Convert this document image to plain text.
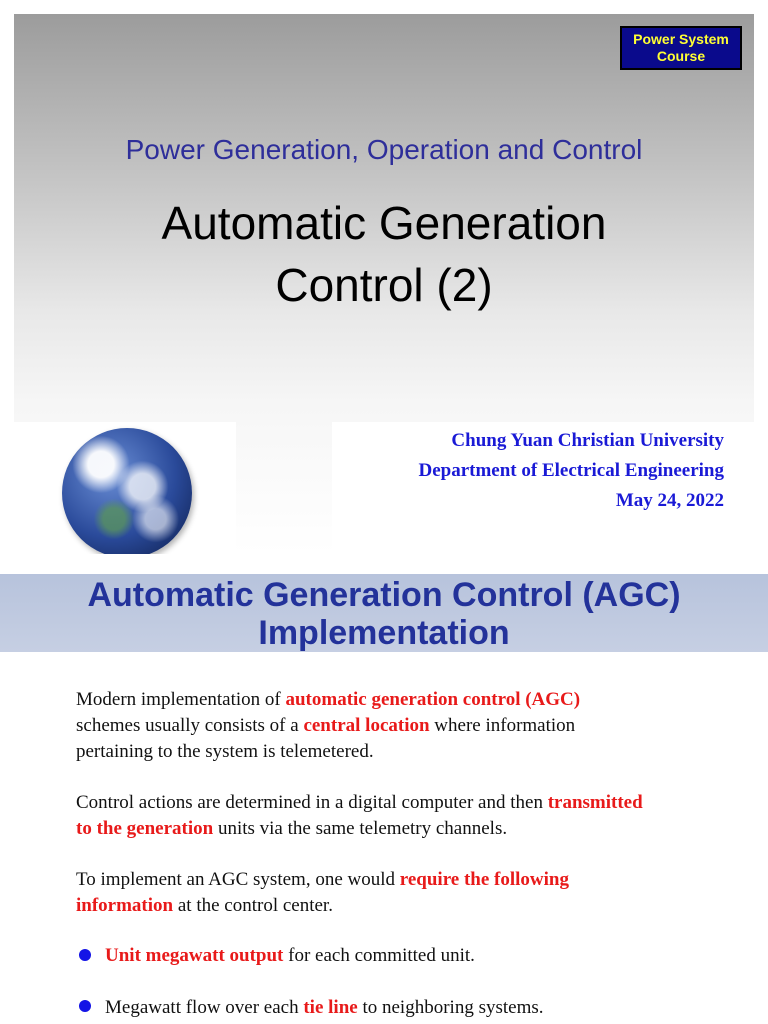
Power System
Course
Power Generation, Operation and Control
Automatic Generation
Control (2)
Chung Yuan Christian University
Department of Electrical Engineering
May 24, 2022
Automatic Generation Control (AGC)
Implementation
Modern implementation of automatic generation control (AGC)
schemes usually consists of a central location where information
pertaining to the system is telemetered.
Control actions are determined in a digital computer and then transmitted
to the generation units via the same telemetry channels.
To implement an AGC system, one would require the following
information at the control center.
Unit megawatt output for each committed unit.
Megawatt flow over each tie line to neighboring systems.
